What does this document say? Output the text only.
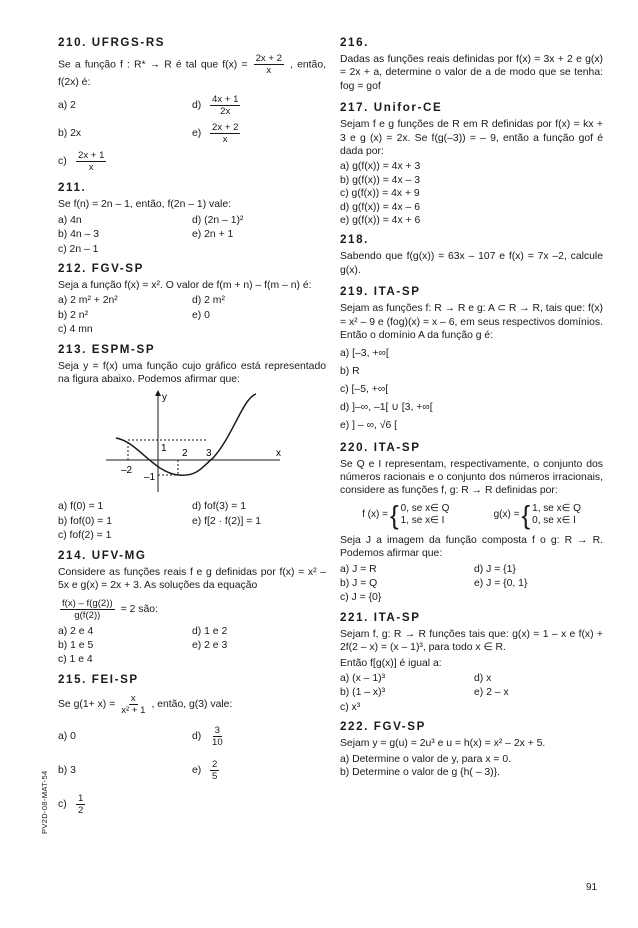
210. UFRGS-RS

Se a função f : R* → R é tal que $f(x) = \frac{2x + 2}{x}$ , então, f(2x) é:

a) 2	$d) \frac{4x + 1}{2x}$
b) 2x	$e) \frac{2x + 2}{x}$
$c) \frac{2x + 1}{x}$
211.

Se f(n) = 2n – 1, então, f(2n – 1) vale:

a) 4n	d) (2n – 1)²
b) 4n – 3	e) 2n + 1
c) 2n – 1
212. FGV-SP

Seja a função f(x) = x². O valor de f(m + n) – f(m – n) é:

a) 2 m² + 2n²	d) 2 m²
b) 2 n²	e) 0
c) 4 mn
213. ESPM-SP

Seja y = f(x) uma função cujo gráfico está representado na figura abaixo. Podemos afirmar que:

y
x
1 2 3
–2
–1
a) f(0) = 1	d) fof(3) = 1
b) fof(0) = 1	e) f[2 · f(2)] = 1
c) fof(2) = 1
214. UFV-MG

Considere as funções reais f e g definidas por f(x) = x² – 5x e g(x) = 2x + 3. As soluções da equação

$\frac{f(x) - f(g(2))}{g(f(2))} = 2$ são:
a) 2 e 4	d) 1 e 2
b) 1 e 5	e) 2 e 3
c) 1 e 4
215. FEI-SP
Se $g(1+ x) = \frac{x}{\text{x² + 1}}$ , então, g(3) vale:
a) 0	$d) \frac{3}{10}$
b) 3	$e) \frac{2}{5}$
$c) \frac{1}{2}$
216.

Dadas as funções reais definidas por f(x) = 3x + 2 e g(x) = 2x + a, determine o valor de a de modo que se tenha: fog = gof

217. Unifor-CE

Sejam f e g funções de R em R definidas por f(x) = kx + 3 e g (x) = 2x. Se f(g(–3)) = – 9, então a função gof é dada por:

a) g(f(x)) = 4x + 3
b) g(f(x)) = 4x – 3
c) g(f(x)) = 4x + 9
d) g(f(x)) = 4x – 6
e) g(f(x)) = 4x + 6
218.

Sabendo que f(g(x)) = 63x – 107 e f(x) = 7x –2, calcule g(x).

219. ITA-SP

Sejam as funções f: R → R e g: A ⊂ R → R, tais que: f(x) = x² – 9 e (fog)(x) = x – 6, em seus respectivos domínios. Então o domínio A da função g é:

a) [–3, +∞[
b) R
c) [–5, +∞[
d) ]–∞, –1[ ∪ [3, +∞[
e) ] – ∞, √6 [
220. ITA-SP

Se Q e I representam, respectivamente, o conjunto dos números racionais e o conjunto dos números irracionais, considere as funções f, g: R → R definidas por:

f (x) = { 0, se x∈ Q
1, se x∈ I	g(x) = { 1, se x∈ Q
0, se x∈ I

Seja J a imagem da função composta f o g: R → R. Podemos afirmar que:

a) J = R	d) J = {1}
b) J = Q	e) J = {0, 1}
c) J = {0}
221. ITA-SP

Sejam f, g: R → R funções tais que: g(x) = 1 – x e f(x) + 2f(2 – x) = (x – 1)³, para todo x ∈ R.

Então f[g(x)] é igual a:

a) (x – 1)³	d) x
b) (1 – x)³	e) 2 – x
c) x³
222. FGV-SP

Sejam y = g(u) = 2u³ e u = h(x) = x² – 2x + 5.

a) Determine o valor de y, para x = 0.
b) Determine o valor de g {h( – 3)}.
PV2D-08-MAT-54
91
